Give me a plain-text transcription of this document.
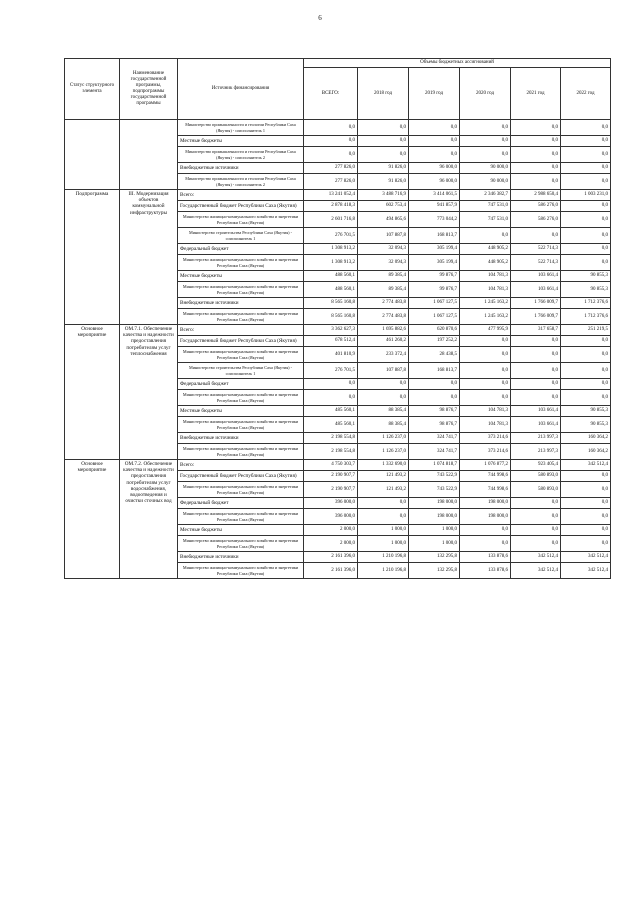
6
Статус структурного элемента	Наименование государственной программы, подпрограммы государственной программы	Источник финансирования	Объемы бюджетных ассигнований					
			ВСЕГО:	2018 год	2019 год	2020 год	2021 год	2022 год
		Министерство промышленности и геологии Республики Саха (Якутия) - соисполнитель 1	0,0	0,0	0,0	0,0	0,0	0,0
		Местные бюджеты	0,0	0,0	0,0	0,0	0,0	0,0
		Министерство промышленности и геологии Республики Саха (Якутия) - соисполнитель 2	0,0	0,0	0,0	0,0	0,0	0,0
		Внебюджетные источники	277 826,0	91 826,0	96 000,0	90 000,0	0,0	0,0
		Министерство промышленности и геологии Республики Саха (Якутия) - соисполнитель 2	277 826,0	91 826,0	96 000,0	90 000,0	0,0	0,0
Подпрограмма	III. Модернизация объектов коммунальной инфраструктуры	Всего:	13 241 052,4	3 488 716,9	3 414 061,5	2 346 382,7	2 988 650,4	1 003 231,0
		Государственный бюджет Республики Саха (Якутия)	2 878 418,3	602 753,4	941 857,9	747 531,0	586 276,0	0,0
		Министерство жилищно-коммунального хозяйства и энергетики Республики Саха (Якутия)	2 601 716,8	494 865,6	773 044,2	747 531,0	586 276,0	0,0
		Министерство строительства Республики Саха (Якутия) - соисполнитель 1	276 701,5	107 887,8	168 813,7	0,0	0,0	0,0
		Федеральный бюджет	1 308 913,2	32 094,3	305 199,4	448 905,2	522 714,3	0,0
		Министерство жилищно-коммунального хозяйства и энергетики Республики Саха (Якутия)	1 308 913,2	32 094,3	305 199,4	448 905,2	522 714,3	0,0
		Местные бюджеты	488 560,1	89 385,4	99 876,7	104 781,3	103 661,4	90 855,3
		Министерство жилищно-коммунального хозяйства и энергетики Республики Саха (Якутия)	488 560,1	89 385,4	99 876,7	104 781,3	103 661,4	90 855,3
		Внебюджетные источники	8 565 160,8	2 774 483,8	1 067 127,5	1 245 163,2	1 766 009,7	1 712 376,6
		Министерство жилищно-коммунального хозяйства и энергетики Республики Саха (Якутия)	8 565 160,8	2 774 483,8	1 067 127,5	1 245 163,2	1 766 009,7	1 712 376,6
Основное мероприятие	ОМ.7.1. Обеспечение качества и надежности предоставления потребителям услуг теплоснабжения	Всего:	3 362 627,3	1 695 882,6	620 870,6	477 995,9	317 658,7	251 219,5
		Государственный бюджет Республики Саха (Якутия)	678 512,4	461 260,2	197 252,2	0,0	0,0	0,0
		Министерство жилищно-коммунального хозяйства и энергетики Республики Саха (Якутия)	401 810,9	233 372,4	28 438,5	0,0	0,0	0,0
		Министерство строительства Республики Саха (Якутия) - соисполнитель 1	276 701,5	107 887,8	168 813,7	0,0	0,0	0,0
		Федеральный бюджет	0,0	0,0	0,0	0,0	0,0	0,0
		Министерство жилищно-коммунального хозяйства и энергетики Республики Саха (Якутия)	0,0	0,0	0,0	0,0	0,0	0,0
		Местные бюджеты	485 560,1	88 385,4	98 876,7	104 781,3	103 661,4	90 855,3
		Министерство жилищно-коммунального хозяйства и энергетики Республики Саха (Якутия)	485 560,1	88 385,4	98 876,7	104 781,3	103 661,4	90 855,3
		Внебюджетные источники	2 198 554,8	1 126 237,0	324 741,7	373 214,6	213 997,3	160 364,2
		Министерство жилищно-коммунального хозяйства и энергетики Республики Саха (Якутия)	2 198 554,8	1 126 237,0	324 741,7	373 214,6	213 997,3	160 364,2
Основное мероприятие	ОМ.7.2. Обеспечение качества и надежности предоставления потребителям услуг водоснабжения, водоотведения и очистки сточных вод	Всего:	4 750 303,7	1 332 690,0	1 074 818,7	1 076 877,2	923 405,4	342 512,4
		Государственный бюджет Республики Саха (Якутия)	2 190 907,7	121 493,2	743 522,9	744 998,6	580 893,0	0,0
		Министерство жилищно-коммунального хозяйства и энергетики Республики Саха (Якутия)	2 190 907,7	121 493,2	743 522,9	744 998,6	580 893,0	0,0
		Федеральный бюджет	396 000,0	0,0	198 000,0	198 000,0	0,0	0,0
		Министерство жилищно-коммунального хозяйства и энергетики Республики Саха (Якутия)	396 000,0	0,0	198 000,0	198 000,0	0,0	0,0
		Местные бюджеты	2 000,0	1 000,0	1 000,0	0,0	0,0	0,0
		Министерство жилищно-коммунального хозяйства и энергетики Республики Саха (Якутия)	2 000,0	1 000,0	1 000,0	0,0	0,0	0,0
		Внебюджетные источники	2 161 396,0	1 210 196,8	132 295,8	133 878,6	342 512,4	342 512,4
		Министерство жилищно-коммунального хозяйства и энергетики Республики Саха (Якутия)	2 161 396,0	1 210 196,8	132 295,8	133 878,6	342 512,4	342 512,4
